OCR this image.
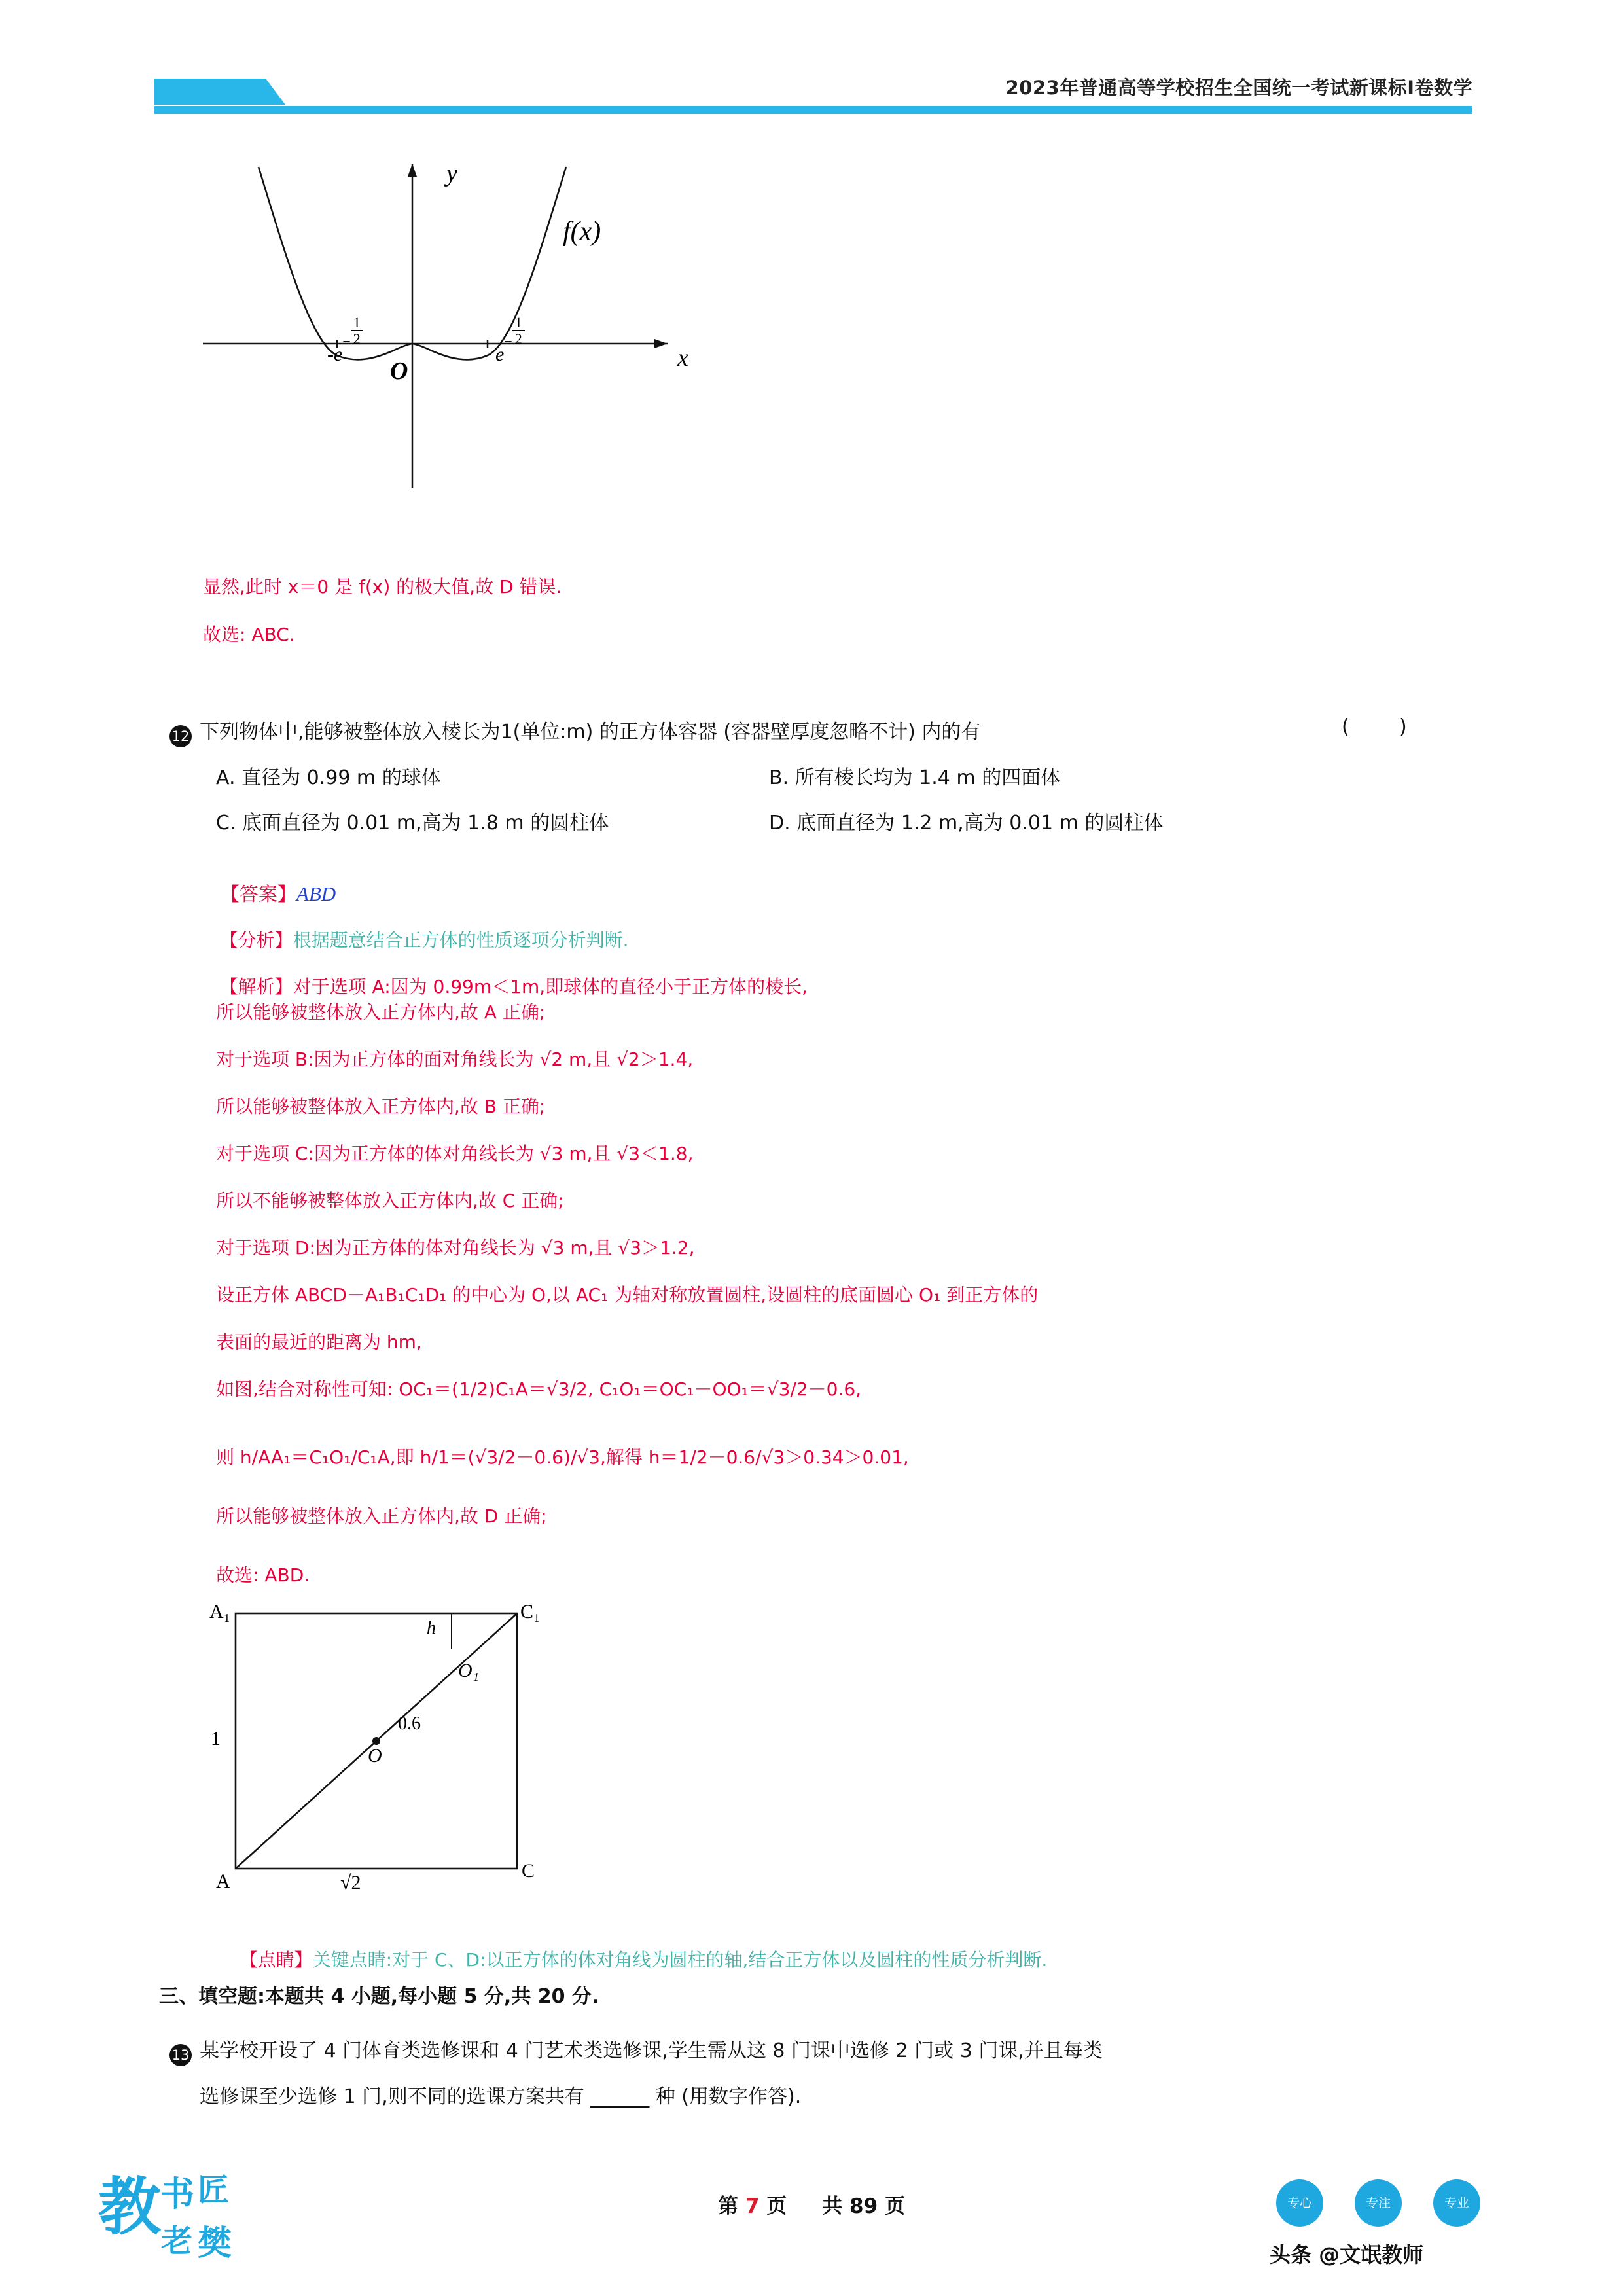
2023年普通高等学校招生全国统一考试新课标Ⅰ卷数学
y
x
O
f(x)

$-e^- \frac{1}{2}$

$e^- \frac{1}{2}$

显然,此时 x＝0 是 f(x) 的极大值,故 D 错误.
故选: ABC.

12
下列物体中,能够被整体放入棱长为1(单位:m) 的正方体容器 (容器壁厚度忽略不计) 内的有	(        )
A. 直径为 0.99 m 的球体	B. 所有棱长均为 1.4 m 的四面体
C. 底面直径为 0.01 m,高为 1.8 m 的圆柱体	D. 底面直径为 1.2 m,高为 0.01 m 的圆柱体

【答案】ABD

【分析】根据题意结合正方体的性质逐项分析判断.

【解析】对于选项 A:因为 0.99m＜1m,即球体的直径小于正方体的棱长,

所以能够被整体放入正方体内,故 A 正确;
对于选项 B:因为正方体的面对角线长为 √2 m,且 √2＞1.4,
所以能够被整体放入正方体内,故 B 正确;
对于选项 C:因为正方体的体对角线长为 √3 m,且 √3＜1.8,
所以不能够被整体放入正方体内,故 C 正确;
对于选项 D:因为正方体的体对角线长为 √3 m,且 √3＞1.2,
设正方体 ABCD－A₁B₁C₁D₁ 的中心为 O,以 AC₁ 为轴对称放置圆柱,设圆柱的底面圆心 O₁ 到正方体的
表面的最近的距离为 hm,
如图,结合对称性可知: OC₁＝(1/2)C₁A＝√3/2, C₁O₁＝OC₁－OO₁＝√3/2－0.6,
则 h/AA₁＝C₁O₁/C₁A,即 h/1＝(√3/2－0.6)/√3,解得 h＝1/2－0.6/√3＞0.34＞0.01,
所以能够被整体放入正方体内,故 D 正确;
故选: ABD.
A₁	C₁
A	C
O
O₁
h
1
√2
0.6

【点睛】关键点睛:对于 C、D:以正方体的体对角线为圆柱的轴,结合正方体以及圆柱的性质分析判断.

三、填空题:本题共 4 小题,每小题 5 分,共 20 分.

13
某学校开设了 4 门体育类选修课和 4 门艺术类选修课,学生需从这 8 门课中选修 2 门或 3 门课,并且每类
选修课至少选修 1 门,则不同的选课方案共有 ______ 种 (用数字作答).
教 书 匠
老 樊
第 7 页 共 89 页	专心	专注	专业
头条 @文氓教师
